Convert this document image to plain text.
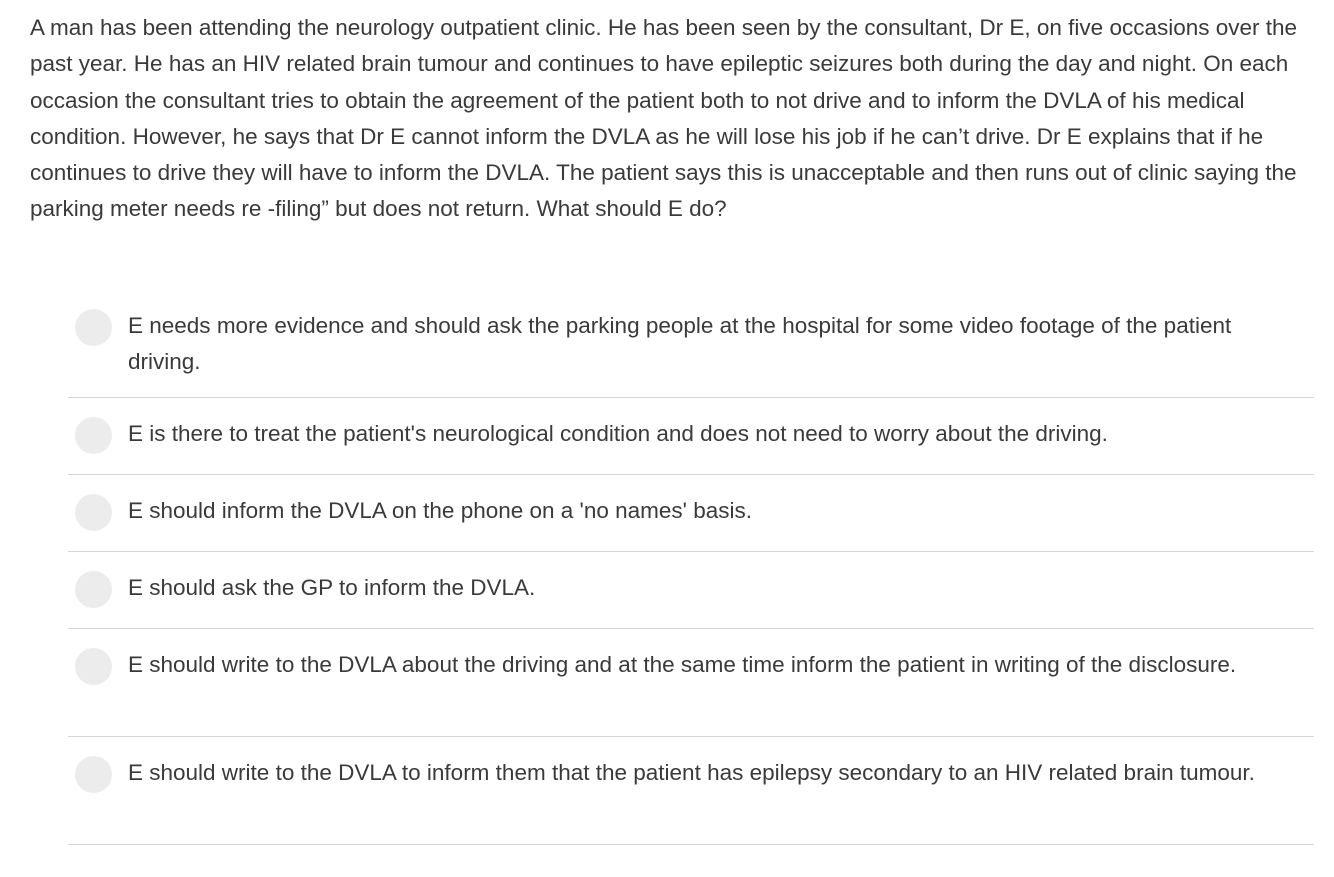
A man has been attending the neurology outpatient clinic. He has been seen by the consultant, Dr E, on five occasions over the past year. He has an HIV related brain tumour and continues to have epileptic seizures both during the day and night. On each occasion the consultant tries to obtain the agreement of the patient both to not drive and to inform the DVLA of his medical condition. However, he says that Dr E cannot inform the DVLA as he will lose his job if he can’t drive. Dr E explains that if he continues to drive they will have to inform the DVLA. The patient says this is unacceptable and then runs out of clinic saying the parking meter needs re -filing” but does not return. What should E do?

E needs more evidence and should ask the parking people at the hospital for some video footage of the patient driving.
E is there to treat the patient's neurological condition and does not need to worry about the driving.
E should inform the DVLA on the phone on a 'no names' basis.
E should ask the GP to inform the DVLA.
E should write to the DVLA about the driving and at the same time inform the patient in writing of the disclosure.
E should write to the DVLA to inform them that the patient has epilepsy secondary to an HIV related brain tumour.
